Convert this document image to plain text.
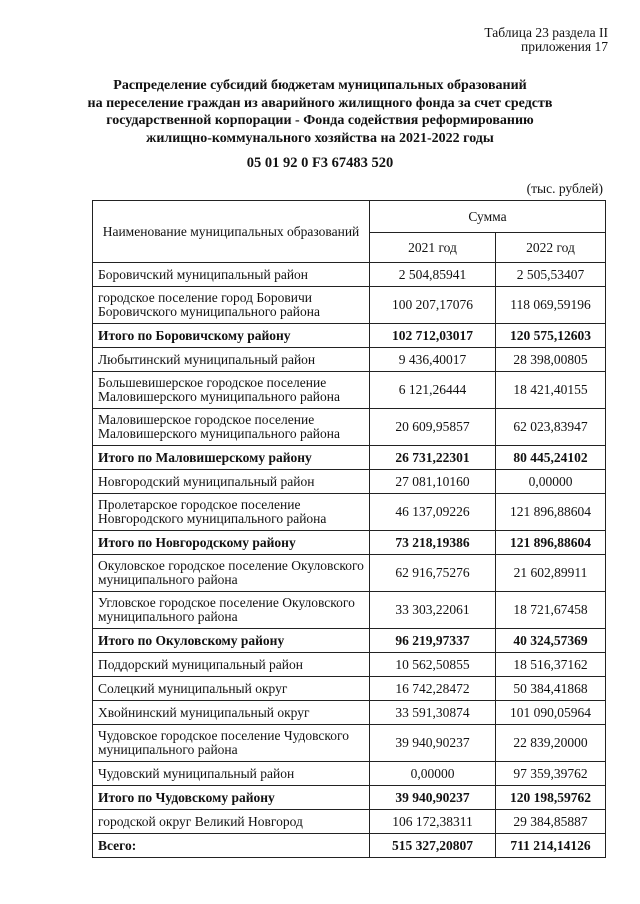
Таблица 23 раздела II
приложения 17
Распределение субсидий бюджетам муниципальных образований
на переселение граждан из аварийного жилищного фонда за счет средств
государственной корпорации - Фонда содействия реформированию
жилищно-коммунального хозяйства на 2021-2022 годы
05 01 92 0 F3 67483 520
(тыс. рублей)
Наименование муниципальных образований	Сумма	
	2021 год	2022 год
Боровичский муниципальный район	2 504,85941	2 505,53407
городское поселение город Боровичи Боровичского муниципального района	100 207,17076	118 069,59196
Итого по Боровичскому району	102 712,03017	120 575,12603
Любытинский муниципальный район	9 436,40017	28 398,00805
Большевишерское городское поселение Маловишерского муниципального района	6 121,26444	18 421,40155
Маловишерское городское поселение Маловишерского муниципального района	20 609,95857	62 023,83947
Итого по Маловишерскому району	26 731,22301	80 445,24102
Новгородский муниципальный район	27 081,10160	0,00000
Пролетарское городское поселение Новгородского муниципального района	46 137,09226	121 896,88604
Итого по Новгородскому району	73 218,19386	121 896,88604
Окуловское городское поселение Окуловского муниципального района	62 916,75276	21 602,89911
Угловское городское поселение Окуловского муниципального района	33 303,22061	18 721,67458
Итого по Окуловскому району	96 219,97337	40 324,57369
Поддорский муниципальный район	10 562,50855	18 516,37162
Солецкий муниципальный округ	16 742,28472	50 384,41868
Хвойнинский муниципальный округ	33 591,30874	101 090,05964
Чудовское городское поселение Чудовского муниципального района	39 940,90237	22 839,20000
Чудовский муниципальный район	0,00000	97 359,39762
Итого по Чудовскому району	39 940,90237	120 198,59762
городской округ Великий Новгород	106 172,38311	29 384,85887
Всего:	515 327,20807	711 214,14126
